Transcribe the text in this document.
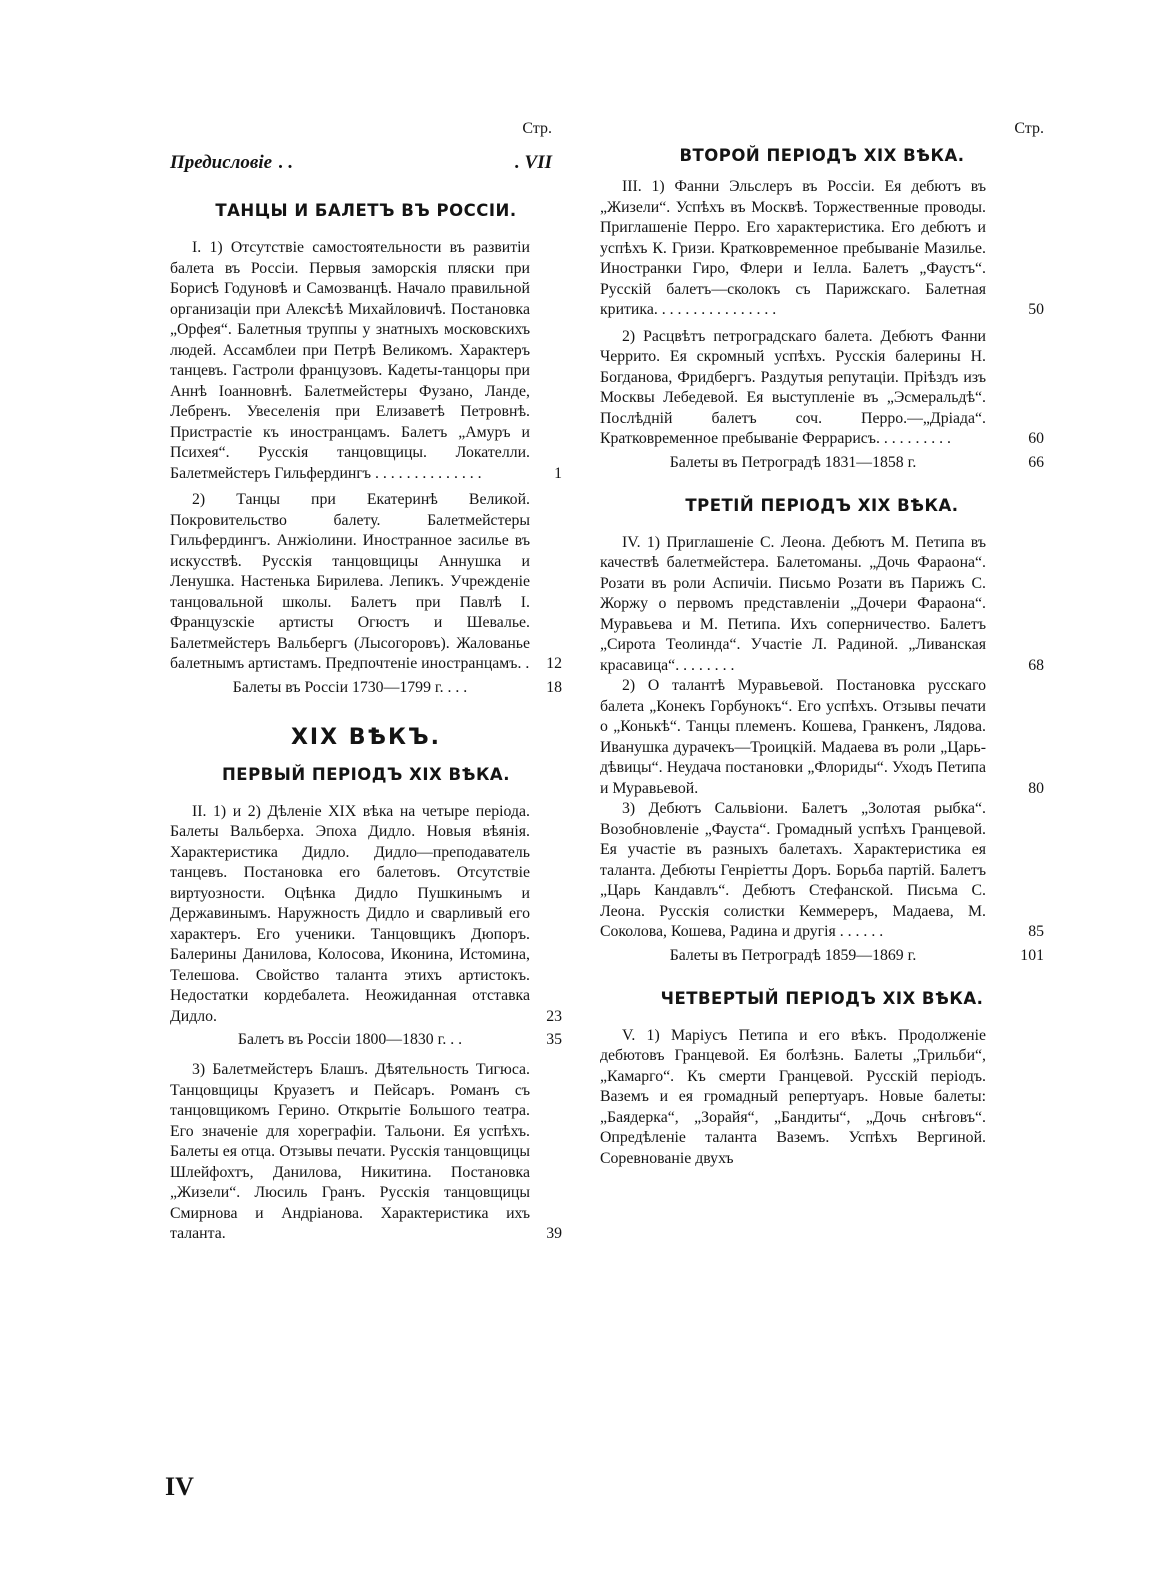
Стр.
Предисловіе . .	. VII
ТАНЦЫ И БАЛЕТЪ ВЪ РОССІИ.

I. 1) Отсутствіе самостоятельности въ развитіи балета въ Россіи. Первыя заморскія пляски при Борисѣ Годуновѣ и Самозванцѣ. Начало правильной организаціи при Алексѣѣ Михайловичѣ. Постановка „Орфея“. Балетныя труппы у знатныхъ московскихъ людей. Ассамблеи при Петрѣ Великомъ. Характеръ танцевъ. Гастроли французовъ. Кадеты-танцоры при Аннѣ Іоанновнѣ. Балетмейстеры Фузано, Ланде, Лебренъ. Увеселенія при Елизаветѣ Петровнѣ. Пристрастіе къ иностранцамъ. Балетъ „Амуръ и Психея“. Русскія танцовщицы. Локателли. Балетмейстеръ Гильфердингъ . . . . . . . . . . . . . .	1

2) Танцы при Екатеринѣ Великой. Покровительство балету. Балетмейстеры Гильфердингъ. Анжіолини. Иностранное засилье въ искусствѣ. Русскія танцовщицы Аннушка и Ленушка. Настенька Бирилева. Лепикъ. Учрежденіе танцовальной школы. Балетъ при Павлѣ I. Французскіе артисты Огюстъ и Шевалье. Балетмейстеръ Вальбергъ (Лысогоровъ). Жалованье балетнымъ артистамъ. Предпочтеніе иностранцамъ. . 12

Балеты въ Россіи 1730—1799 г. . . .	18

XIX ВѢКЪ.
ПЕРВЫЙ ПЕРІОДЪ XIX ВѢКА.

II. 1) и 2) Дѣленіе XIX вѣка на четыре періода. Балеты Вальберха. Эпоха Дидло. Новыя вѣянія. Характеристика Дидло. Дидло—преподаватель танцевъ. Постановка его балетовъ. Отсутствіе виртуозности. Оцѣнка Дидло Пушкинымъ и Державинымъ. Наружность Дидло и сварливый его характеръ. Его ученики. Танцовщикъ Дюпоръ. Балерины Данилова, Колосова, Иконина, Истомина, Телешова. Свойство таланта этихъ артистокъ. Недостатки кордебалета. Неожиданная отставка Дидло.	23

Балетъ въ Россіи 1800—1830 г. . .	35

3) Балетмейстеръ Блашъ. Дѣятельность Тигюса. Танцовщицы Круазетъ и Пейсаръ. Романъ съ танцовщикомъ Герино. Открытіе Большого театра. Его значеніе для хореграфіи. Тальони. Ея успѣхъ. Балеты ея отца. Отзывы печати. Русскія танцовщицы Шлейфохтъ, Данилова, Никитина. Постановка „Жизели“. Люсиль Гранъ. Русскія танцовщицы Смирнова и Андріанова. Характеристика ихъ таланта.	39

Стр.
ВТОРОЙ ПЕРІОДЪ XIX ВѢКА.

III. 1) Фанни Эльслеръ въ Россіи. Ея дебютъ въ „Жизели“. Успѣхъ въ Москвѣ. Торжественные проводы. Приглашеніе Перро. Его характеристика. Его дебютъ и успѣхъ К. Гризи. Кратковременное пребываніе Мазилье. Иностранки Гиро, Флери и Іелла. Балетъ „Фаустъ“. Русскій балетъ—сколокъ съ Парижскаго. Балетная критика. . . . . . . . . . . . . . . .	50

2) Расцвѣтъ петроградскаго балета. Дебютъ Фанни Черрито. Ея скромный успѣхъ. Русскія балерины Н. Богданова, Фридбергъ. Раздутыя репутаціи. Пріѣздъ изъ Москвы Лебедевой. Ея выступленіе въ „Эсмеральдѣ“. Послѣдній балетъ соч. Перро.—„Дріада“. Кратковременное пребываніе Феррарисъ. . . . . . . . . .	60

Балеты въ Петроградѣ 1831—1858 г.	66

ТРЕТІЙ ПЕРІОДЪ XIX ВѢКА.

IV. 1) Приглашеніе С. Леона. Дебютъ М. Петипа въ качествѣ балетмейстера. Балетоманы. „Дочь Фараона“. Розати въ роли Аспичіи. Письмо Розати въ Парижъ С. Жоржу о первомъ представленіи „Дочери Фараона“. Муравьева и М. Петипа. Ихъ соперничество. Балетъ „Сирота Теолинда“. Участіе Л. Радиной. „Ливанская красавица“. . . . . . . .	68

2) О талантѣ Муравьевой. Постановка русскаго балета „Конекъ Горбунокъ“. Его успѣхъ. Отзывы печати о „Конькѣ“. Танцы племенъ. Кошева, Гранкенъ, Лядова. Иванушка дурачекъ—Троицкій. Мадаева въ роли „Царь-дѣвицы“. Неудача постановки „Флориды“. Уходъ Петипа и Муравьевой.	80

3) Дебютъ Сальвіони. Балетъ „Золотая рыбка“. Возобновленіе „Фауста“. Громадный успѣхъ Гранцевой. Ея участіе въ разныхъ балетахъ. Характеристика ея таланта. Дебюты Генріетты Доръ. Борьба партій. Балетъ „Царь Кандавлъ“. Дебютъ Стефанской. Письма С. Леона. Русскія солистки Кеммереръ, Мадаева, М. Соколова, Кошева, Радина и другія . . . . . .	85

Балеты въ Петроградѣ 1859—1869 г.	101

ЧЕТВЕРТЫЙ ПЕРІОДЪ XIX ВѢКА.

V. 1) Маріусъ Петипа и его вѣкъ. Продолженіе дебютовъ Гранцевой. Ея болѣзнь. Балеты „Трильби“, „Камарго“. Къ смерти Гранцевой. Русскій періодъ. Ваземъ и ея громадный репертуаръ. Новые балеты: „Баядерка“, „Зорайя“, „Бандиты“, „Дочь снѣговъ“. Опредѣленіе таланта Ваземъ. Успѣхъ Вергиной. Соревнованіе двухъ

IV
